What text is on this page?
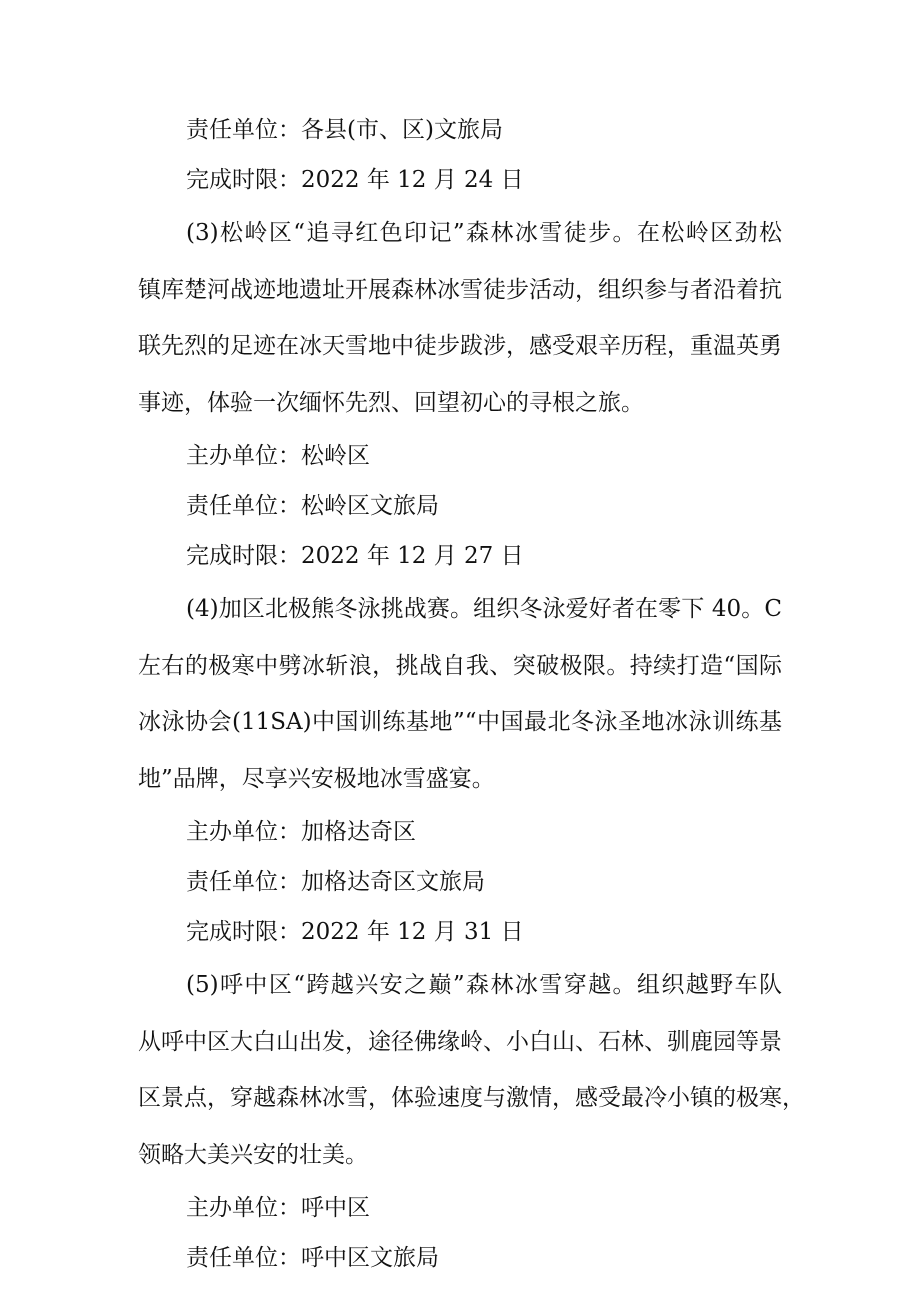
责任单位：各县(市、区)文旅局
完成时限：2022 年 12 月 24 日
(3)松岭区“追寻红色印记”森林冰雪徒步。在松岭区劲松
镇库楚河战迹地遗址开展森林冰雪徒步活动，组织参与者沿着抗
联先烈的足迹在冰天雪地中徒步跋涉，感受艰辛历程，重温英勇
事迹，体验一次缅怀先烈、回望初心的寻根之旅。
主办单位：松岭区
责任单位：松岭区文旅局
完成时限：2022 年 12 月 27 日
(4)加区北极熊冬泳挑战赛。组织冬泳爱好者在零下 40。C
左右的极寒中劈冰斩浪，挑战自我、突破极限。持续打造“国际
冰泳协会(11SA)中国训练基地”“中国最北冬泳圣地冰泳训练基
地”品牌，尽享兴安极地冰雪盛宴。
主办单位：加格达奇区
责任单位：加格达奇区文旅局
完成时限：2022 年 12 月 31 日
(5)呼中区“跨越兴安之巅”森林冰雪穿越。组织越野车队
从呼中区大白山出发，途径佛缘岭、小白山、石林、驯鹿园等景
区景点，穿越森林冰雪，体验速度与激情，感受最冷小镇的极寒，
领略大美兴安的壮美。
主办单位：呼中区
责任单位：呼中区文旅局
